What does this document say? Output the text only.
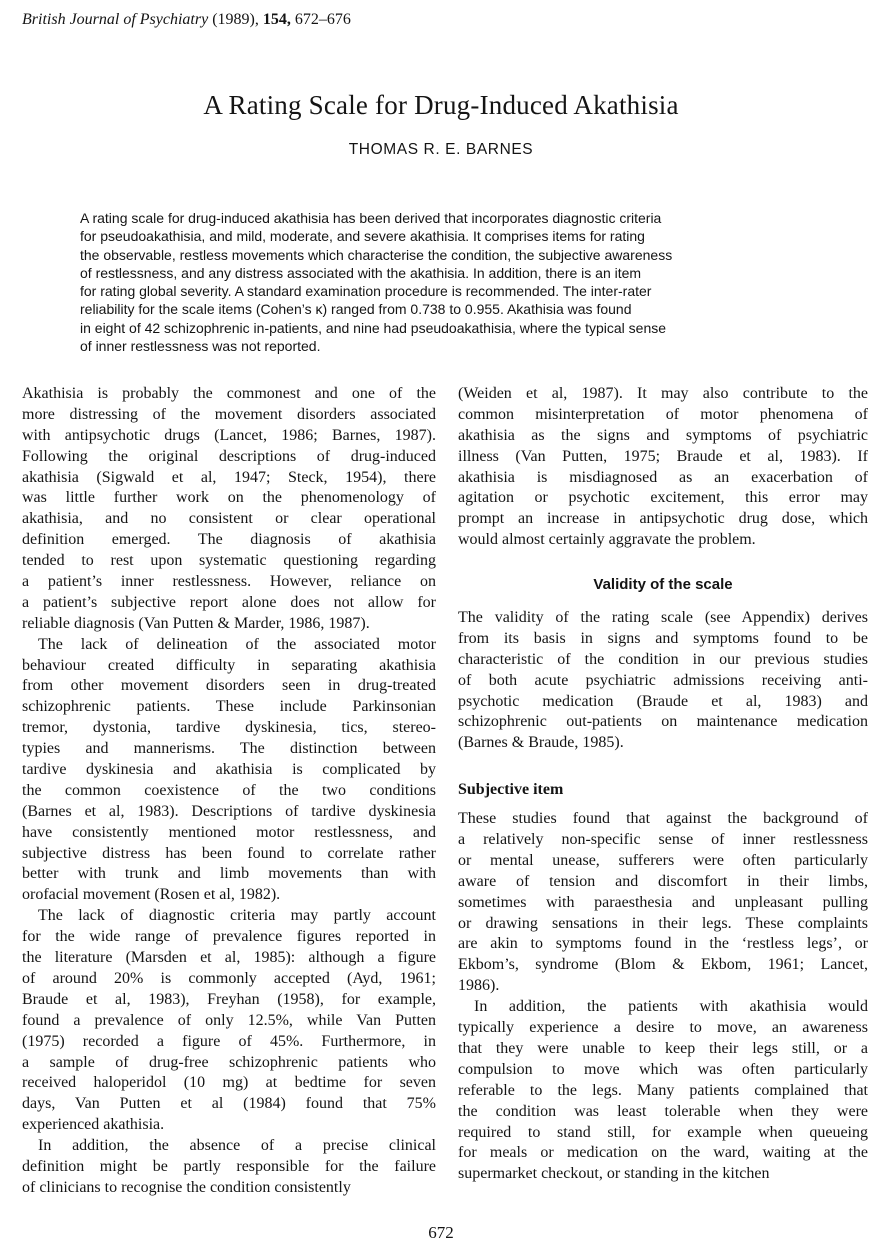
British Journal of Psychiatry (1989), 154, 672–676
A Rating Scale for Drug-Induced Akathisia
THOMAS R. E. BARNES
A rating scale for drug-induced akathisia has been derived that incorporates diagnostic criteria
for pseudoakathisia, and mild, moderate, and severe akathisia. It comprises items for rating
the observable, restless movements which characterise the condition, the subjective awareness
of restlessness, and any distress associated with the akathisia. In addition, there is an item
for rating global severity. A standard examination procedure is recommended. The inter-rater
reliability for the scale items (Cohen’s κ) ranged from 0.738 to 0.955. Akathisia was found
in eight of 42 schizophrenic in-patients, and nine had pseudoakathisia, where the typical sense
of inner restlessness was not reported.
Akathisia is probably the commonest and one of the
more distressing of the movement disorders associated
with antipsychotic drugs (Lancet, 1986; Barnes, 1987).
Following the original descriptions of drug-induced
akathisia (Sigwald et al, 1947; Steck, 1954), there
was little further work on the phenomenology of
akathisia, and no consistent or clear operational
definition emerged. The diagnosis of akathisia
tended to rest upon systematic questioning regarding
a patient’s inner restlessness. However, reliance on
a patient’s subjective report alone does not allow for
reliable diagnosis (Van Putten & Marder, 1986, 1987).
The lack of delineation of the associated motor
behaviour created difficulty in separating akathisia
from other movement disorders seen in drug-treated
schizophrenic patients. These include Parkinsonian
tremor, dystonia, tardive dyskinesia, tics, stereo-
typies and mannerisms. The distinction between
tardive dyskinesia and akathisia is complicated by
the common coexistence of the two conditions
(Barnes et al, 1983). Descriptions of tardive dyskinesia
have consistently mentioned motor restlessness, and
subjective distress has been found to correlate rather
better with trunk and limb movements than with
orofacial movement (Rosen et al, 1982).
The lack of diagnostic criteria may partly account
for the wide range of prevalence figures reported in
the literature (Marsden et al, 1985): although a figure
of around 20% is commonly accepted (Ayd, 1961;
Braude et al, 1983), Freyhan (1958), for example,
found a prevalence of only 12.5%, while Van Putten
(1975) recorded a figure of 45%. Furthermore, in
a sample of drug-free schizophrenic patients who
received haloperidol (10 mg) at bedtime for seven
days, Van Putten et al (1984) found that 75%
experienced akathisia.
In addition, the absence of a precise clinical
definition might be partly responsible for the failure
of clinicians to recognise the condition consistently
(Weiden et al, 1987). It may also contribute to the
common misinterpretation of motor phenomena of
akathisia as the signs and symptoms of psychiatric
illness (Van Putten, 1975; Braude et al, 1983). If
akathisia is misdiagnosed as an exacerbation of
agitation or psychotic excitement, this error may
prompt an increase in antipsychotic drug dose, which
would almost certainly aggravate the problem.
Validity of the scale
The validity of the rating scale (see Appendix) derives
from its basis in signs and symptoms found to be
characteristic of the condition in our previous studies
of both acute psychiatric admissions receiving anti-
psychotic medication (Braude et al, 1983) and
schizophrenic out-patients on maintenance medication
(Barnes & Braude, 1985).
Subjective item
These studies found that against the background of
a relatively non-specific sense of inner restlessness
or mental unease, sufferers were often particularly
aware of tension and discomfort in their limbs,
sometimes with paraesthesia and unpleasant pulling
or drawing sensations in their legs. These complaints
are akin to symptoms found in the ‘restless legs’, or
Ekbom’s, syndrome (Blom & Ekbom, 1961; Lancet,
1986).
In addition, the patients with akathisia would
typically experience a desire to move, an awareness
that they were unable to keep their legs still, or a
compulsion to move which was often particularly
referable to the legs. Many patients complained that
the condition was least tolerable when they were
required to stand still, for example when queueing
for meals or medication on the ward, waiting at the
supermarket checkout, or standing in the kitchen
672
